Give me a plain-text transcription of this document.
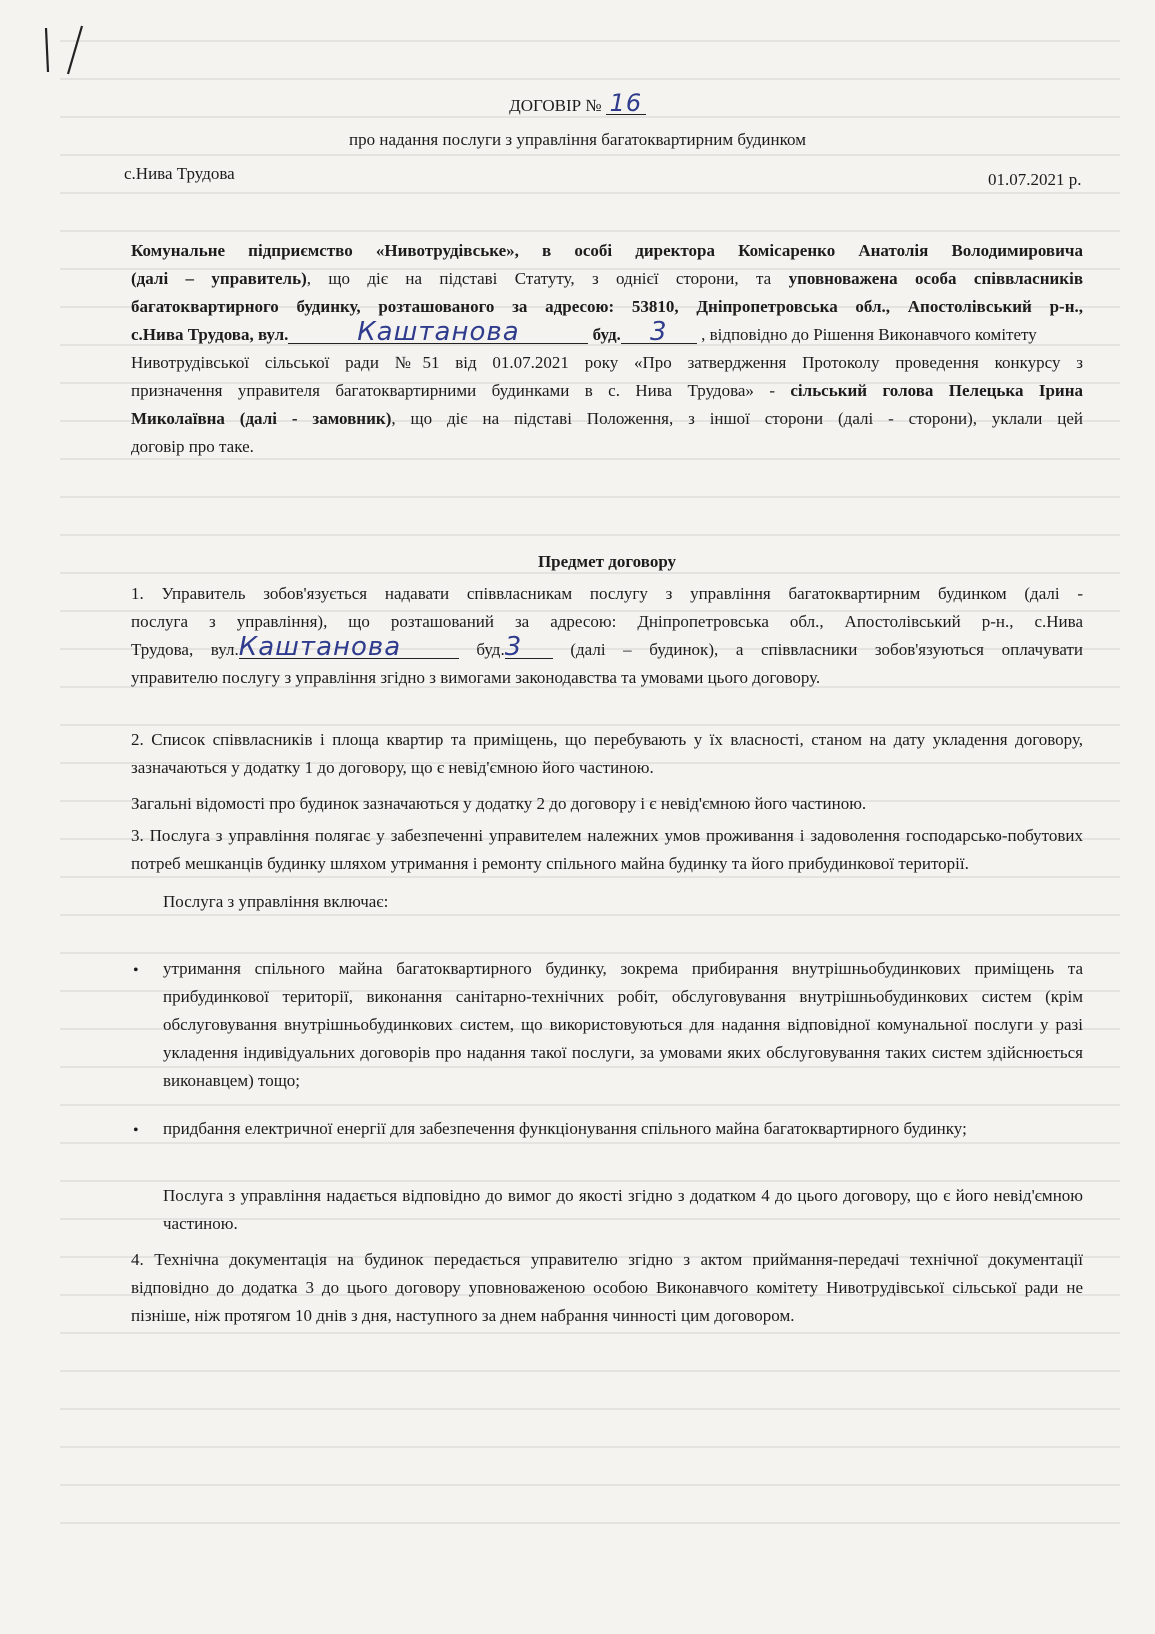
ДОГОВІР № 16
про надання послуги з управління багатоквартирним будинком
с.Нива Трудова	01.07.2021 р.

Комунальне підприємство «Нивотрудівське», в особі директора Комісаренко Анатолія Володимировича

(далі – управитель), що діє на підставі Статуту, з однієї сторони, та уповноважена особа співвласників

багатоквартирного будинку, розташованого за адресою: 53810, Дніпропетровська обл., Апостолівський р-н.,

с.Нива Трудова, вул.	Каштанова	буд. 3 , відповідно до Рішення Виконавчого комітету

Нивотрудівської сільської ради №51 від 01.07.2021 року «Про затвердження Протоколу проведення конкурсу з

призначення управителя багатоквартирними будинками в с. Нива Трудова» - сільський голова Пелецька Ірина

Миколаївна (далі - замовник), що діє на підставі Положення, з іншої сторони (далі - сторони), уклали цей

договір про таке.

Предмет договору

1. Управитель зобов'язується надавати співвласникам послугу з управління багатоквартирним будинком (далі -

послуга з управління), що розташований за адресою: Дніпропетровська обл., Апостолівський р-н., с.Нива

Трудова, вул.Каштанова	буд.3	(далі – будинок), а співвласники зобов'язуються оплачувати

управителю послугу з управління згідно з вимогами законодавства та умовами цього договору.

2. Список співвласників і площа квартир та приміщень, що перебувають у їх власності, станом на дату укладення договору, зазначаються у додатку 1 до договору, що є невід'ємною його частиною.

Загальні відомості про будинок зазначаються у додатку 2 до договору і є невід'ємною його частиною.

3. Послуга з управління полягає у забезпеченні управителем належних умов проживання і задоволення господарсько-побутових потреб мешканців будинку шляхом утримання і ремонту спільного майна будинку та його прибудинкової території.

Послуга з управління включає:

• утримання спільного майна багатоквартирного будинку, зокрема прибирання внутрішньобудинкових приміщень та прибудинкової території, виконання санітарно-технічних робіт, обслуговування внутрішньобудинкових систем (крім обслуговування внутрішньобудинкових систем, що використовуються для надання відповідної комунальної послуги у разі укладення індивідуальних договорів про надання такої послуги, за умовами яких обслуговування таких систем здійснюється виконавцем) тощо;
• придбання електричної енергії для забезпечення функціонування спільного майна багатоквартирного будинку;
Послуга з управління надається відповідно до вимог до якості згідно з додатком 4 до цього договору, що є його невід'ємною частиною.
4. Технічна документація на будинок передається управителю згідно з актом приймання-передачі технічної документації відповідно до додатка 3 до цього договору уповноваженою особою Виконавчого комітету Нивотрудівської сільської ради не пізніше, ніж протягом 10 днів з дня, наступного за днем набрання чинності цим договором.
